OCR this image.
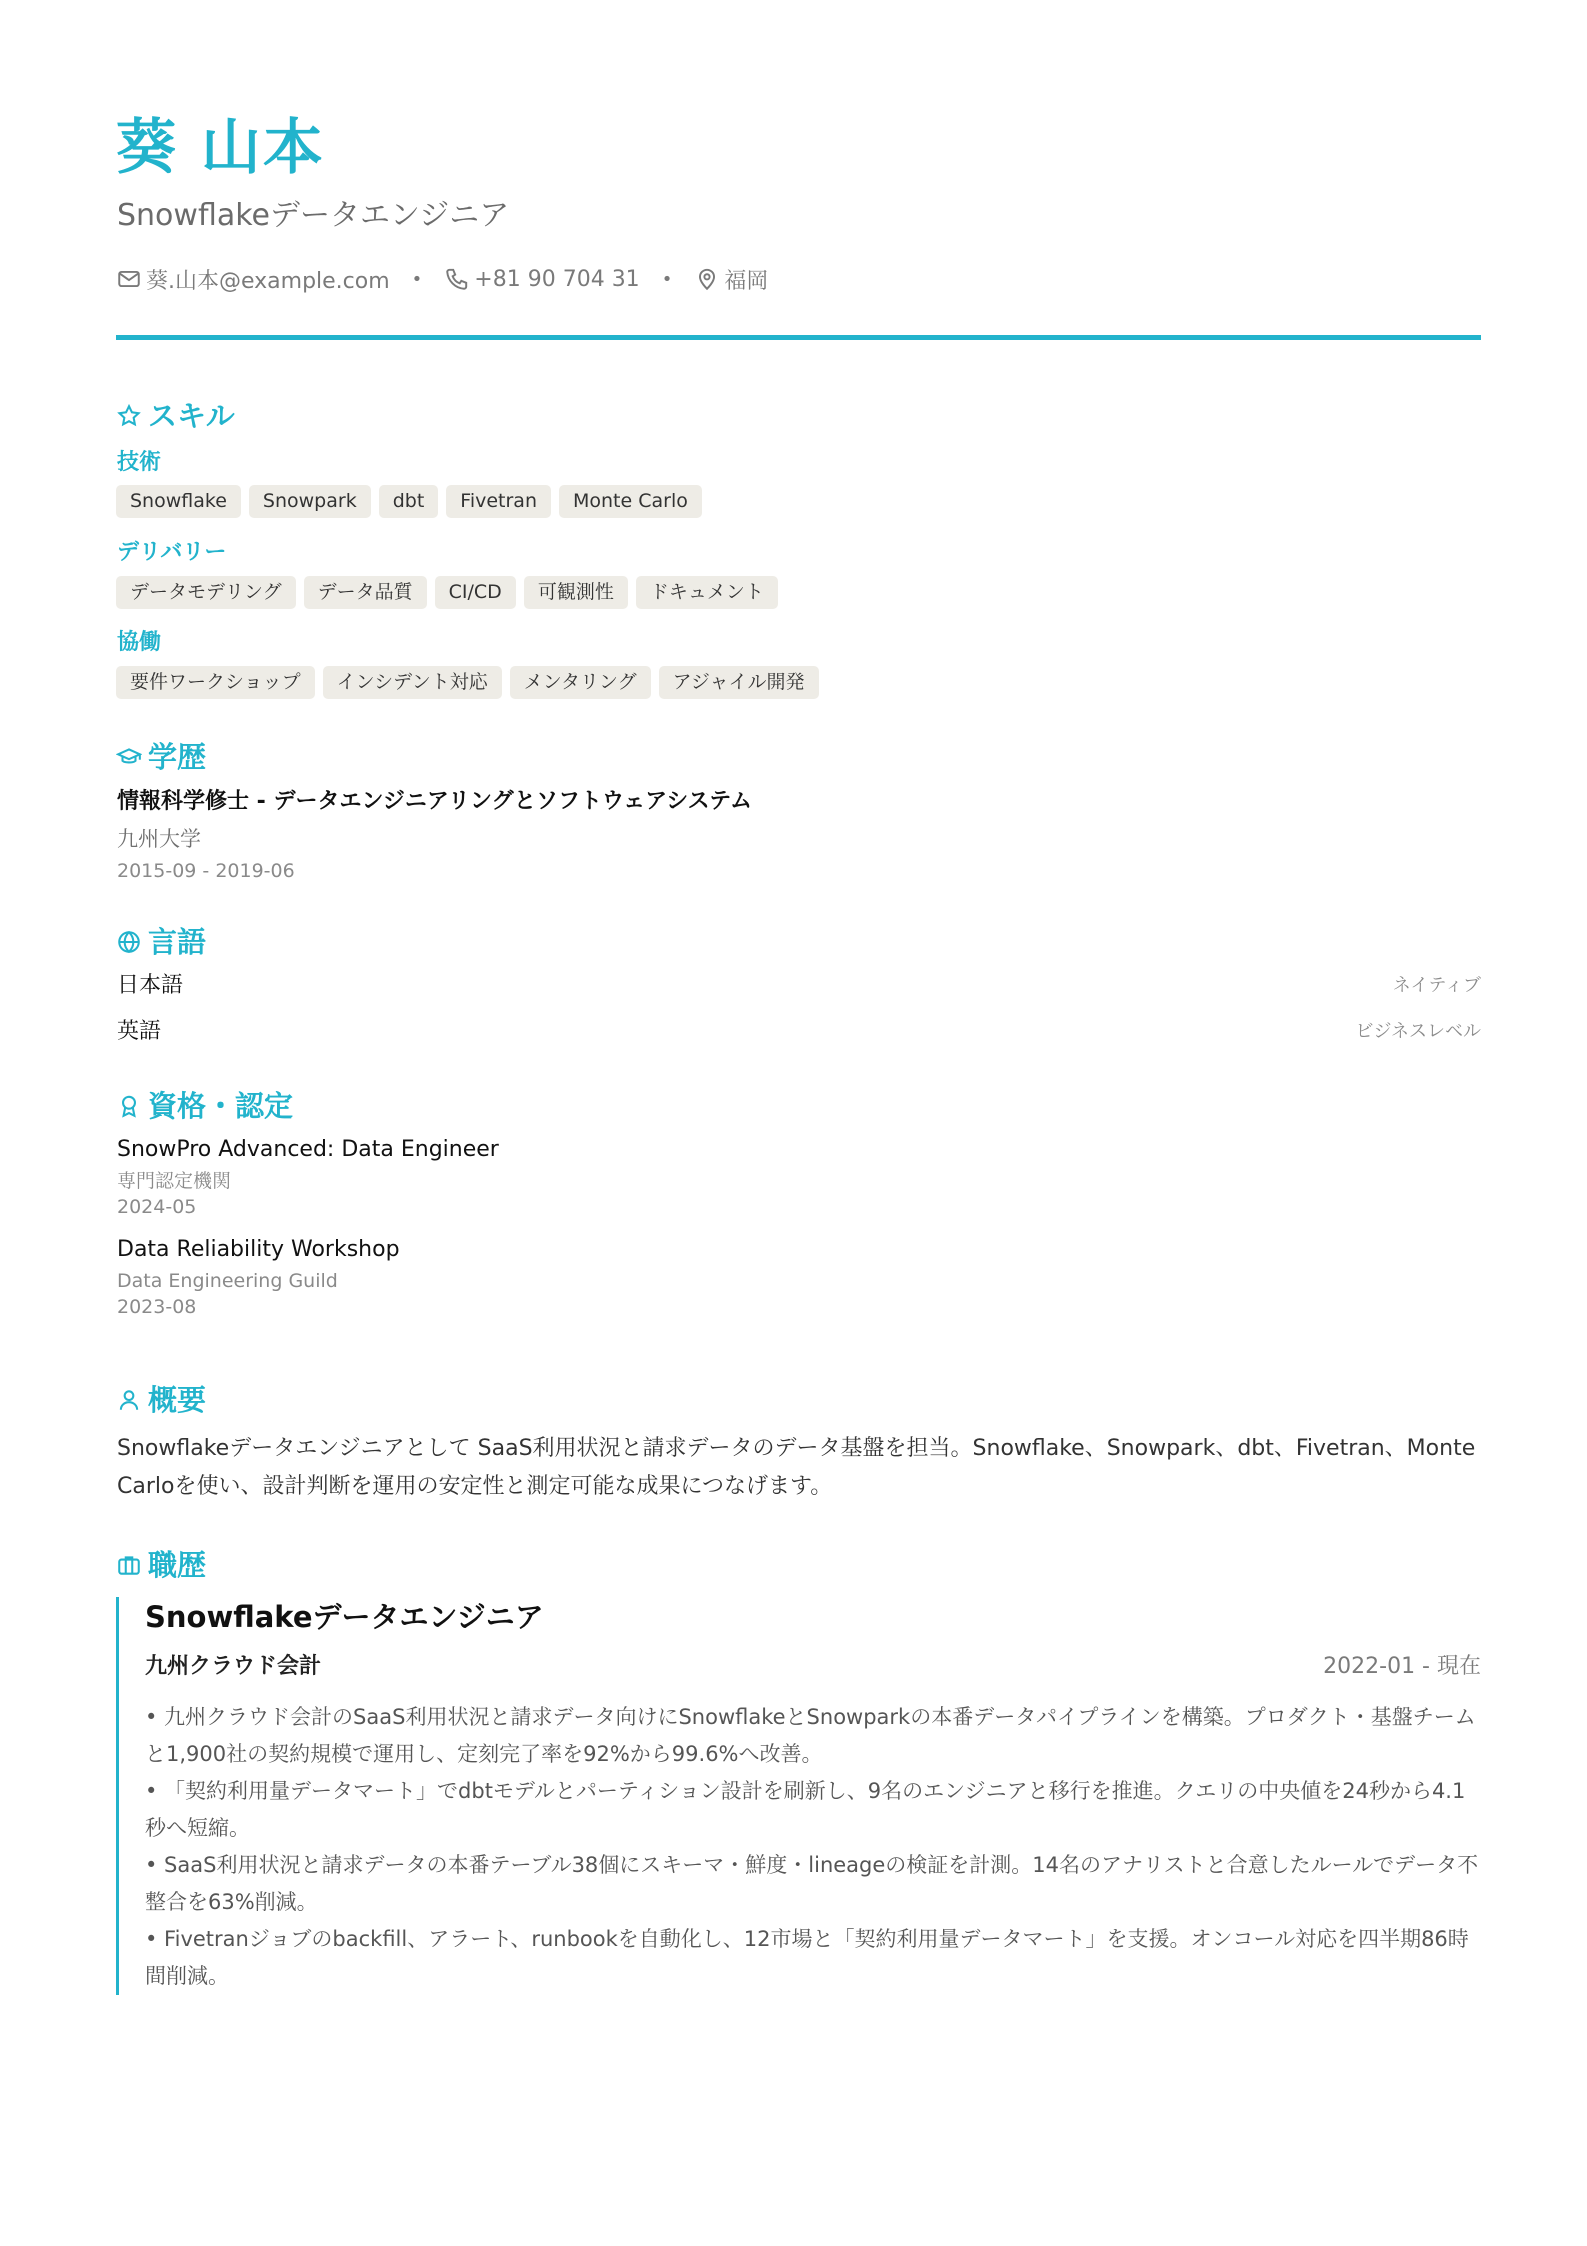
葵 山本
Snowflakeデータエンジニア
葵.山本@example.com • +81 90 704 31 • 福岡
スキル
技術
Snowflake	Snowpark	dbt	Fivetran	Monte Carlo
デリバリー
データモデリング	データ品質	CI/CD	可観測性	ドキュメント
協働
要件ワークショップ	インシデント対応	メンタリング	アジャイル開発
学歴
情報科学修士 - データエンジニアリングとソフトウェアシステム
九州大学
2015-09 - 2019-06
言語
日本語	ネイティブ
英語	ビジネスレベル
資格・認定
SnowPro Advanced: Data Engineer
専門認定機関
2024-05
Data Reliability Workshop
Data Engineering Guild
2023-08
概要
Snowflakeデータエンジニアとして SaaS利用状況と請求データのデータ基盤を担当。Snowflake、Snowpark、dbt、Fivetran、Monte Carloを使い、設計判断を運用の安定性と測定可能な成果につなげます。
職歴
Snowflakeデータエンジニア
九州クラウド会計	2022-01 - 現在
• 九州クラウド会計のSaaS利用状況と請求データ向けにSnowflakeとSnowparkの本番データパイプラインを構築。プロダクト・基盤チームと1,900社の契約規模で運用し、定刻完了率を92%から99.6%へ改善。
• 「契約利用量データマート」でdbtモデルとパーティション設計を刷新し、9名のエンジニアと移行を推進。クエリの中央値を24秒から4.1秒へ短縮。
• SaaS利用状況と請求データの本番テーブル38個にスキーマ・鮮度・lineageの検証を計測。14名のアナリストと合意したルールでデータ不整合を63%削減。
• Fivetranジョブのbackfill、アラート、runbookを自動化し、12市場と「契約利用量データマート」を支援。オンコール対応を四半期86時間削減。
